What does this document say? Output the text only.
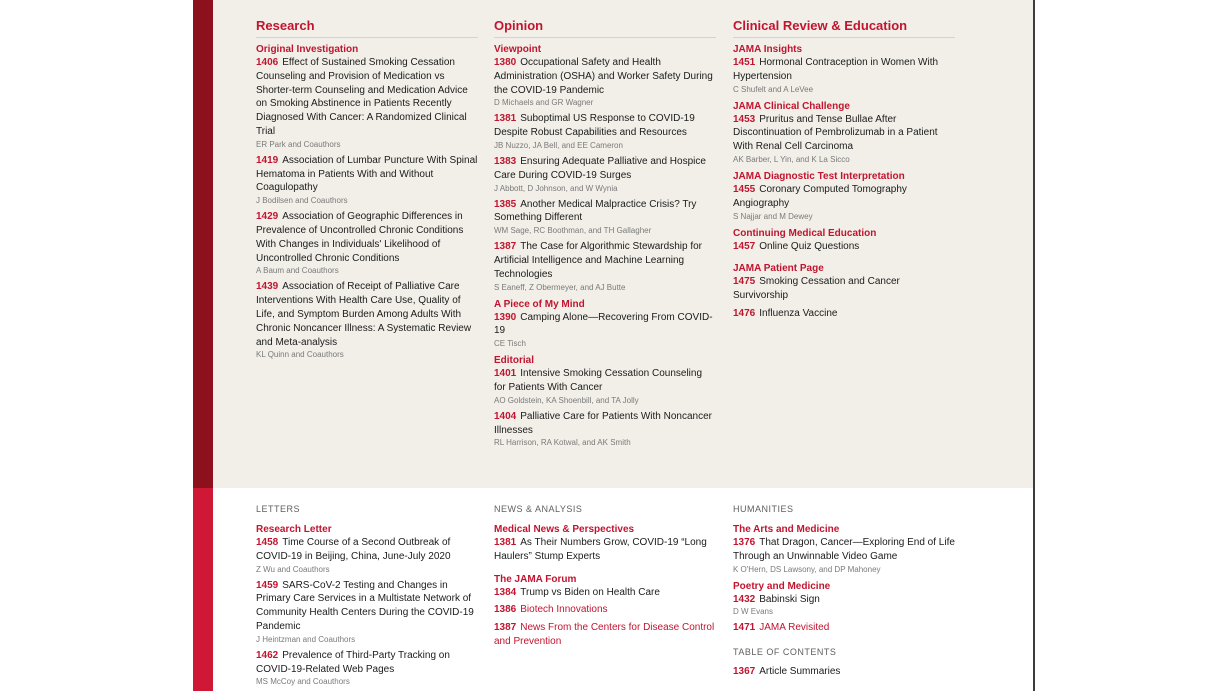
Research
Original Investigation
1406 Effect of Sustained Smoking Cessation Counseling and Provision of Medication vs Shorter-term Counseling and Medication Advice on Smoking Abstinence in Patients Recently Diagnosed With Cancer: A Randomized Clinical Trial
ER Park and Coauthors
1419 Association of Lumbar Puncture With Spinal Hematoma in Patients With and Without Coagulopathy
J Bodilsen and Coauthors
1429 Association of Geographic Differences in Prevalence of Uncontrolled Chronic Conditions With Changes in Individuals' Likelihood of Uncontrolled Chronic Conditions
A Baum and Coauthors
1439 Association of Receipt of Palliative Care Interventions With Health Care Use, Quality of Life, and Symptom Burden Among Adults With Chronic Noncancer Illness: A Systematic Review and Meta-analysis
KL Quinn and Coauthors
Opinion
Viewpoint
1380 Occupational Safety and Health Administration (OSHA) and Worker Safety During the COVID-19 Pandemic
D Michaels and GR Wagner
1381 Suboptimal US Response to COVID-19 Despite Robust Capabilities and Resources
JB Nuzzo, JA Bell, and EE Cameron
1383 Ensuring Adequate Palliative and Hospice Care During COVID-19 Surges
J Abbott, D Johnson, and W Wynia
1385 Another Medical Malpractice Crisis? Try Something Different
WM Sage, RC Boothman, and TH Gallagher
1387 The Case for Algorithmic Stewardship for Artificial Intelligence and Machine Learning Technologies
S Eaneff, Z Obermeyer, and AJ Butte
A Piece of My Mind
1390 Camping Alone—Recovering From COVID-19
CE Tisch
Editorial
1401 Intensive Smoking Cessation Counseling for Patients With Cancer
AO Goldstein, KA Shoenbill, and TA Jolly
1404 Palliative Care for Patients With Noncancer Illnesses
RL Harrison, RA Kotwal, and AK Smith
Clinical Review & Education
JAMA Insights
1451 Hormonal Contraception in Women With Hypertension
C Shufelt and A LeVee
JAMA Clinical Challenge
1453 Pruritus and Tense Bullae After Discontinuation of Pembrolizumab in a Patient With Renal Cell Carcinoma
AK Barber, L Yin, and K La Sicco
JAMA Diagnostic Test Interpretation
1455 Coronary Computed Tomography Angiography
S Najjar and M Dewey
Continuing Medical Education
1457 Online Quiz Questions
JAMA Patient Page
1475 Smoking Cessation and Cancer Survivorship
1476 Influenza Vaccine
LETTERS
Research Letter
1458 Time Course of a Second Outbreak of COVID-19 in Beijing, China, June-July 2020
Z Wu and Coauthors
1459 SARS-CoV-2 Testing and Changes in Primary Care Services in a Multistate Network of Community Health Centers During the COVID-19 Pandemic
J Heintzman and Coauthors
1462 Prevalence of Third-Party Tracking on COVID-19-Related Web Pages
MS McCoy and Coauthors
NEWS & ANALYSIS
Medical News & Perspectives
1381 As Their Numbers Grow, COVID-19 “Long Haulers” Stump Experts
The JAMA Forum
1384 Trump vs Biden on Health Care
1386 Biotech Innovations
1387 News From the Centers for Disease Control and Prevention
HUMANITIES
The Arts and Medicine
1376 That Dragon, Cancer—Exploring End of Life Through an Unwinnable Video Game
K O'Hern, DS Lawsony, and DP Mahoney
Poetry and Medicine
1432 Babinski Sign
D W Evans
1471 JAMA Revisited
TABLE OF CONTENTS
1367 Article Summaries
